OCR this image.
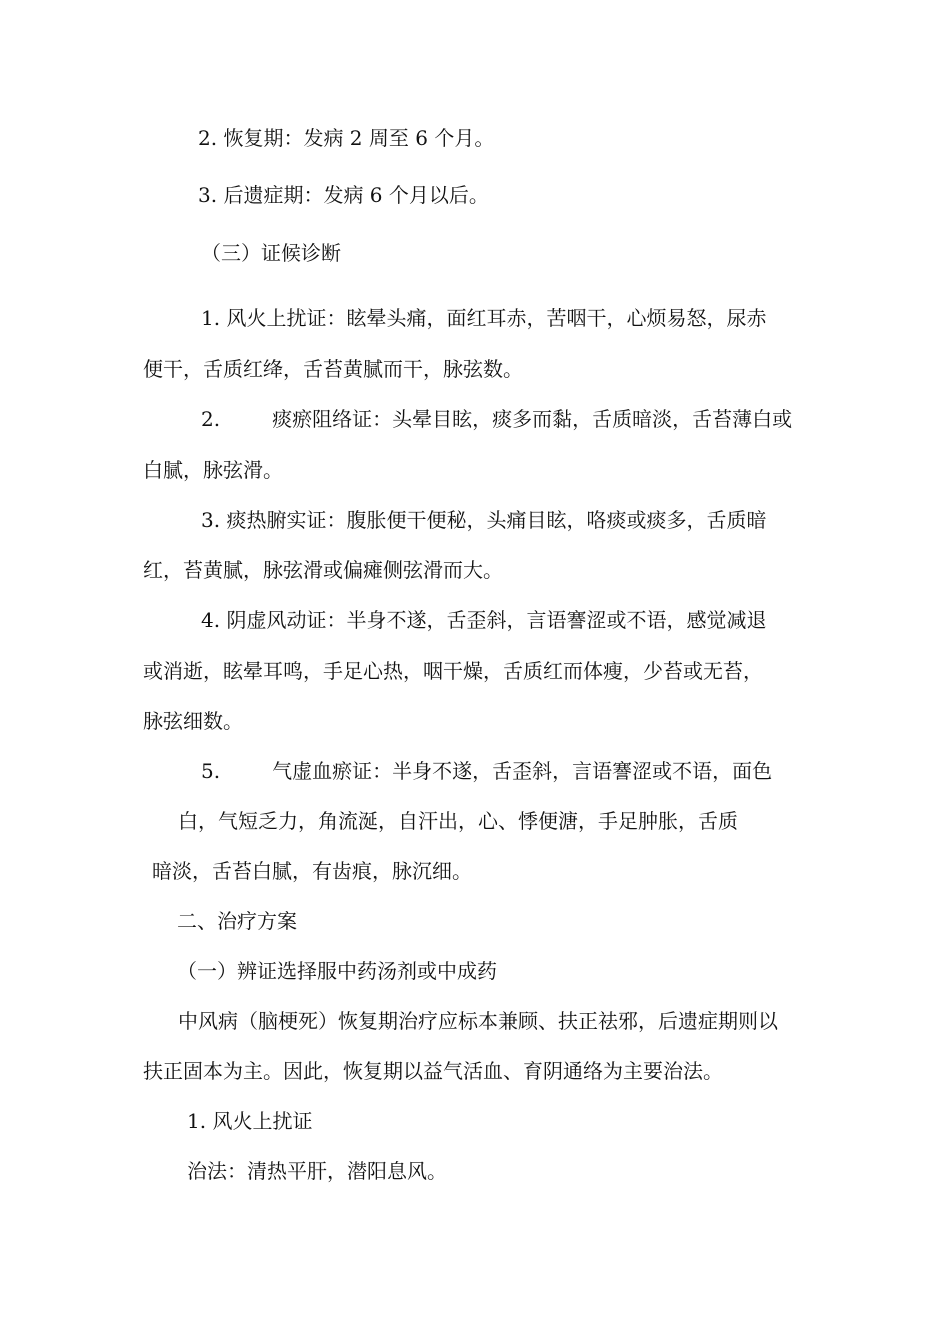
2. 恢复期：发病 2 周至 6 个月。
3. 后遗症期：发病 6 个月以后。
（三）证候诊断
1. 风火上扰证：眩晕头痛，面红耳赤，苦咽干，心烦易怒，尿赤
便干，舌质红绛，舌苔黄腻而干，脉弦数。
2.	痰瘀阻络证：头晕目眩，痰多而黏，舌质暗淡，舌苔薄白或
白腻，脉弦滑。
3. 痰热腑实证：腹胀便干便秘，头痛目眩，咯痰或痰多，舌质暗
红，苔黄腻，脉弦滑或偏瘫侧弦滑而大。
4. 阴虚风动证：半身不遂，舌歪斜，言语謇涩或不语，感觉减退
或消逝，眩晕耳鸣，手足心热，咽干燥，舌质红而体瘦，少苔或无苔，
脉弦细数。
5.	气虚血瘀证：半身不遂，舌歪斜，言语謇涩或不语，面色
白，气短乏力，角流涎，自汗出，心、悸便溏，手足肿胀，舌质
暗淡，舌苔白腻，有齿痕，脉沉细。
二、治疗方案
（一）辨证选择服中药汤剂或中成药
中风病（脑梗死）恢复期治疗应标本兼顾、扶正祛邪，后遗症期则以
扶正固本为主。因此，恢复期以益气活血、育阴通络为主要治法。
1. 风火上扰证
治法：清热平肝，潜阳息风。
